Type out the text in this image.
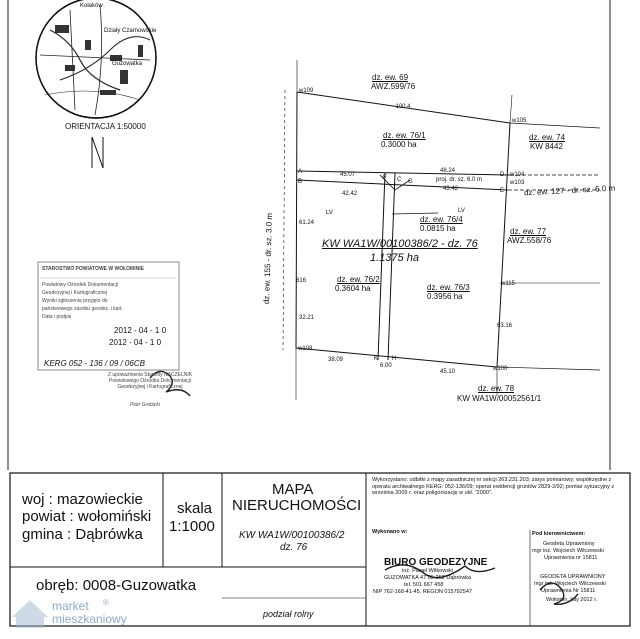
Kołaków
Działy Czarnowskie
Guzowatka
ORIENTACJA 1:50000
dz. ew. 69
AWZ.599/76
dz. ew. 74
KW 8442
dz. ew. 127 - dr. sz. 6.0 m
dz. ew. 77
AWZ.558/76
dz. ew. 78
KW WA1W/00052561/1
dz. ew. 155 - dr. sz. 3.0 m	KW WA1W/00100386/2 - dz. 76
1.1375 ha
dz. ew. 76/1
0.3000 ha
dz. ew. 76/4
0.0815 ha
dz. ew. 76/2
0.3604 ha	dz. ew. 76/3
0.3956 ha
LV	LV
proj. dr. sz. 6.0 m
w109
w105
w103
w104
w115
w108
w100
616
A
B	C
D
E
F
G
H
K
~100.4
45.10
38.09
6.00
45.07
48.24
42.42
43.42
61.24
32.21
63.16
STAROSTWO POWIATOWE W WOŁOMINIE
Powiatowy Ośrodek Dokumentacji
Geodezyjnej i Kartograficznej
Wyniki zgłoszenia przyjęto do
państwowego zasobu geodez. i kart.
Data i podpis
2012 - 04 - 1 0
2012 - 04 - 1 0
KERG 052 - 136 / 09 / 06CB
Z upoważnienia Starosty NACZELNIK Powiatowego Ośrodka Dokumentacji Geodezyjnej i Kartograficznej
Piotr Grebicki
woj : mazowieckie
powiat : wołomiński
gmina : Dąbrówka
skala
1:1000
MAPA
NIERUCHOMOŚCI
KW WA1W/00100386/2
dz. 76
obręb: 0008-Guzowatka
podział rolny
Wykorzystano: odbitki z mapy zasadniczej nr sekcji 263.231.203; zarys pomiarowy; współrzędne z operatu archiwalnego KERG: 052-136/09; operat ewidencji gruntów 2829-2/92; pomiar sytuacyjny z września 2009 r. oraz poligonizację w ukł. "2000".
Wykonano w:
BIURO GEODEZYJNE
inż. Paweł Witkowski
GUZOWATKA 47 05-252 Dąbrówka
tel. 501 667 458
NIP 762-168-41-45, REGON 015792547
Pod kierownictwem:
Geodeta Uprawniony
mgr inż. Wojciech Wilczewski
Uprawnienia nr 15811
GEODETA UPRAWNIONY
mgr inż. Wojciech Wilczewski
Uprawnienia Nr 15811
Wołomin, luty 2012 r.
market ®
mieszkaniowy
